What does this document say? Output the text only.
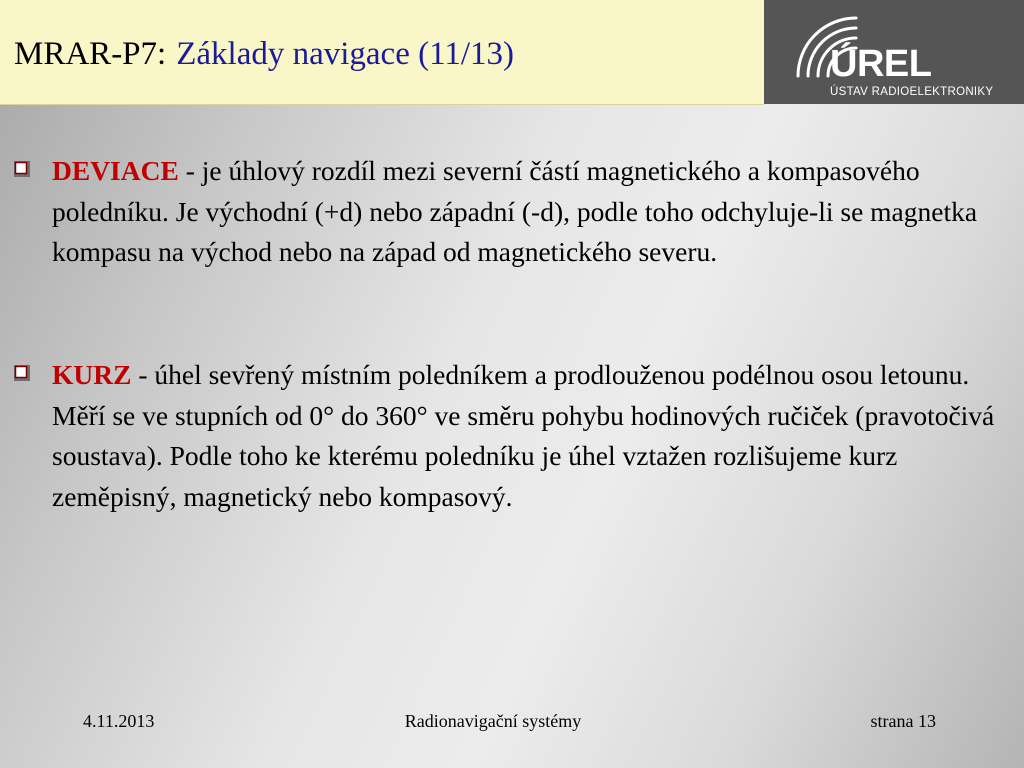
MRAR-P7: Základy navigace (11/13)	ÚREL
ÚSTAV RADIOELEKTRONIKY

DEVIACE - je úhlový rozdíl mezi severní částí magnetického a kompasového poledníku. Je východní (+d) nebo západní (-d), podle toho odchyluje-li se magnetka kompasu na východ nebo na západ od magnetického severu.

KURZ - úhel sevřený místním poledníkem a prodlouženou podélnou osou letounu. Měří se ve stupních od 0° do 360° ve směru pohybu hodinových ručiček (pravotočivá soustava). Podle toho ke kterému poledníku je úhel vztažen rozlišujeme kurz zeměpisný, magnetický nebo kompasový.

4.11.2013	Radionavigační systémy	strana 13
